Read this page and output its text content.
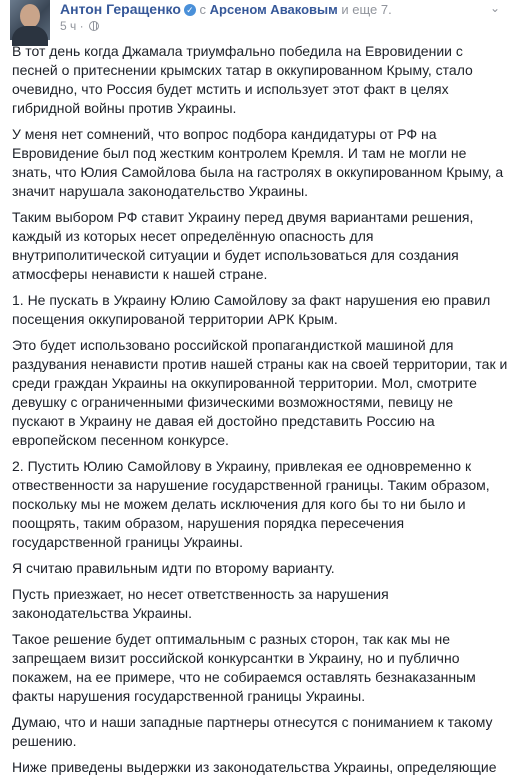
Антон Геращенко ✓ с Арсеном Аваковым и еще 7.
5 ч ·
⌄

В тот день когда Джамала триумфально победила на Евровидении с песней о притеснении крымских татар в оккупированном Крыму, стало очевидно, что Россия будет мстить и использует этот факт в целях гибридной войны против Украины.

У меня нет сомнений, что вопрос подбора кандидатуры от РФ на Евровидение был под жестким контролем Кремля. И там не могли не знать, что Юлия Самойлова была на гастролях в оккупированном Крыму, а значит нарушала законодательство Украины.

Таким выбором РФ ставит Украину перед двумя вариантами решения, каждый из которых несет определённую опасность для внутриполитической ситуации и будет использоваться для создания атмосферы ненависти к нашей стране.

1. Не пускать в Украину Юлию Самойлову за факт нарушения ею правил посещения оккупированой территории АРК Крым.

Это будет использовано российской пропагандисткой машиной для раздувания ненависти против нашей страны как на своей территории, так и среди граждан Украины на оккупированной территории. Мол, смотрите девушку с ограниченными физическими возможностями, певицу не пускают в Украину не давая ей достойно представить Россию на европейском песенном конкурсе.

2. Пустить Юлию Самойлову в Украину, привлекая ее одновременно к отвественности за нарушение государственной границы. Таким образом, поскольку мы не можем делать исключения для кого бы то ни было и поощрять, таким образом, нарушения порядка пересечения государственной границы Украины.

Я считаю правильным идти по второму варианту.

Пусть приезжает, но несет ответственность за нарушения законодательства Украины.

Такое решение будет оптимальным с разных сторон, так как мы не запрещаем визит российской конкурсантки в Украину, но и публично покажем, на ее примере, что не собираемся оставлять безнаказанным факты нарушения государственной границы Украины.

Думаю, что и наши западные партнеры отнесутся с пониманием к такому решению.

Ниже приведены выдержки из законодательства Украины, определяющие
